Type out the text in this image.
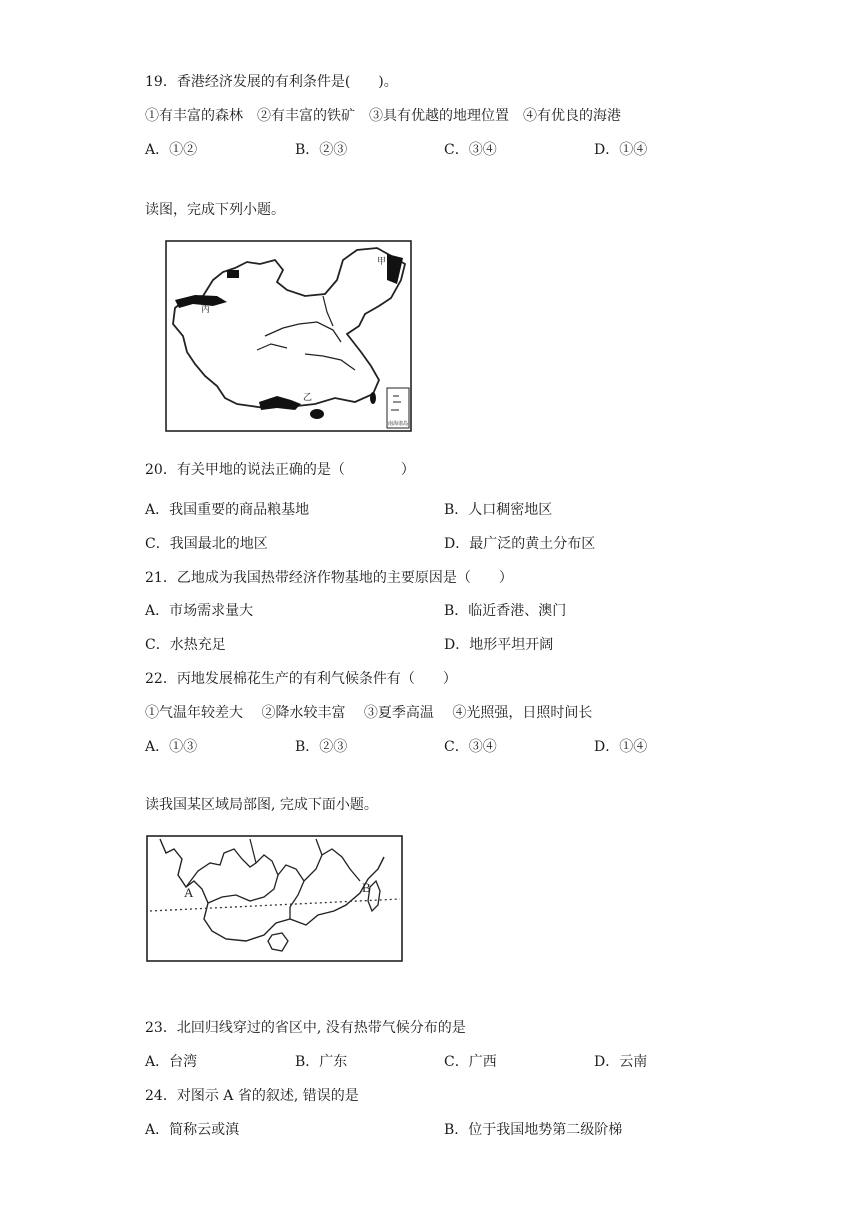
19．香港经济发展的有利条件是(　　)。
①有丰富的森林　②有丰富的铁矿　③具有优越的地理位置　④有优良的海港
A．①②	B．②③	C．③④	D．①④
读图，完成下列小题。
甲
丙
乙
南海诸岛
20．有关甲地的说法正确的是（　　　　）
A．我国重要的商品粮基地	B．人口稠密地区
C．我国最北的地区	D．最广泛的黄土分布区
21．乙地成为我国热带经济作物基地的主要原因是（　　）
A．市场需求量大	B．临近香港、澳门
C．水热充足	D．地形平坦开阔
22．丙地发展棉花生产的有利气候条件有（　　）
①气温年较差大　 ②降水较丰富　 ③夏季高温　 ④光照强，日照时间长
A．①③	B．②③	C．③④	D．①④
读我国某区域局部图, 完成下面小题。
A	B
23．北回归线穿过的省区中, 没有热带气候分布的是
A．台湾	B．广东	C．广西	D．云南
24．对图示 A 省的叙述, 错误的是
A．简称云或滇	B．位于我国地势第二级阶梯
